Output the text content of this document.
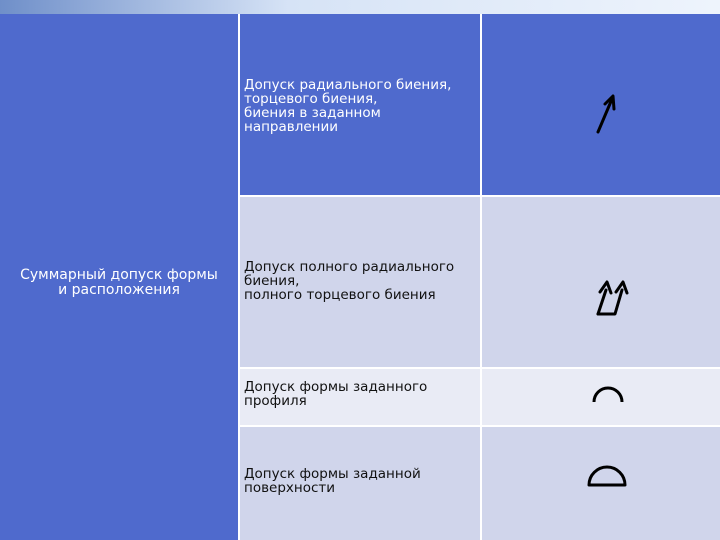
Суммарный допуск формы
и расположения
Допуск радиального биения,
торцевого биения,
биения в заданном
направлении
Допуск полного радиального
биения,
полного торцевого биения
Допуск формы заданного
профиля
Допуск формы заданной
поверхности
